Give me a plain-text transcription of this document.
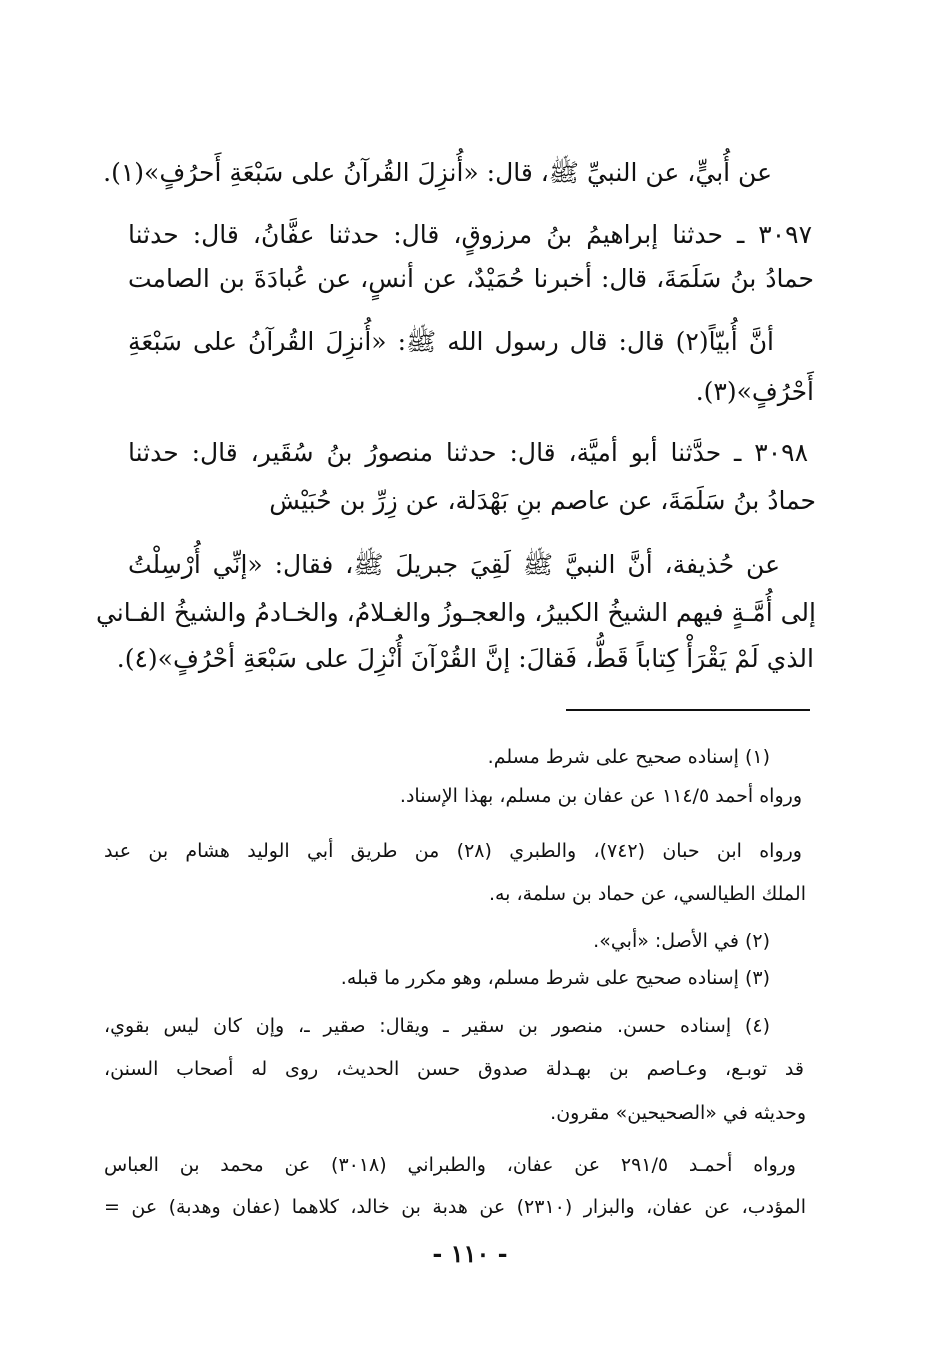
عن أُبيٍّ، عن النبيِّ ﷺ، قال: «أُنزِلَ القُرآنُ على سَبْعَةِ أَحرُفٍ»(١).
٣٠٩٧ ـ حدثنا إبراهيمُ بنُ مرزوقٍ، قال: حدثنا عفَّانُ، قال: حدثنا
حمادُ بنُ سَلَمَةَ، قال: أخبرنا حُمَيْدٌ، عن أنسٍ، عن عُبادَةَ بن الصامت
أنَّ أُبيّاً(٢) قال: قال رسول الله ﷺ: «أُنزِلَ القُرآنُ على سَبْعَةِ
أَحْرُفٍ»(٣).
٣٠٩٨ ـ حدَّثنا أبو أميَّة، قال: حدثنا منصورُ بنُ سُقَير، قال: حدثنا
حمادُ بنُ سَلَمَةَ، عن عاصم بنِ بَهْدَلة، عن زِرِّ بن حُبَيْش
عن حُذيفة، أنَّ النبيَّ ﷺ لَقِيَ جبريلَ ﷺ، فقال: «إنِّي أُرْسِلْتُ
إلى أُمَّـةٍ فيهم الشيخُ الكبيرُ، والعجـوزُ والغـلامُ، والخـادمُ والشيخُ الفـاني
الذي لَمْ يَقْرَأْ كِتاباً قَطُّ، فَقالَ: إنَّ القُرْآنَ أُنْزِلَ على سَبْعَةِ أحْرُفٍ»(٤).
(١) إسناده صحيح على شرط مسلم.
ورواه أحمد ١١٤/٥ عن عفان بن مسلم، بهذا الإسناد.
ورواه ابن حبان (٧٤٢)، والطبري (٢٨) من طريق أبي الوليد هشام بن عبد
الملك الطيالسي، عن حماد بن سلمة، به.
(٢) في الأصل: «أبي».
(٣) إسناده صحيح على شرط مسلم، وهو مكرر ما قبله.
(٤) إسناده حسن. منصور بن سقير ـ ويقال: صقير ـ، وإن كان ليس بقوي،
قد توبـع، وعـاصم بن بهـدلة صدوق حسن الحديث، روى له أصحاب السنن،
وحديثه في «الصحيحين» مقرون.
ورواه أحمـد ٢٩١/٥ عن عفان، والطبراني (٣٠١٨) عن محمد بن العباس
المؤدب، عن عفان، والبزار (٢٣١٠) عن هدبة بن خالد، كلاهما (عفان وهدبة) عن =
- ١١٠ -
